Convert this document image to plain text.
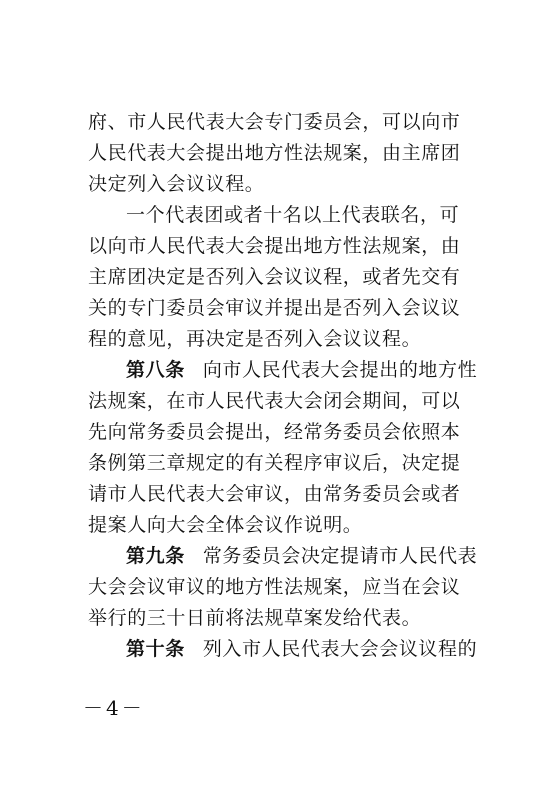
府、市人民代表大会专门委员会，可以向市人民代表大会提出地方性法规案，由主席团决定列入会议议程。

一个代表团或者十名以上代表联名，可以向市人民代表大会提出地方性法规案，由主席团决定是否列入会议议程，或者先交有关的专门委员会审议并提出是否列入会议议程的意见，再决定是否列入会议议程。

第八条 向市人民代表大会提出的地方性法规案，在市人民代表大会闭会期间，可以先向常务委员会提出，经常务委员会依照本条例第三章规定的有关程序审议后，决定提请市人民代表大会审议，由常务委员会或者提案人向大会全体会议作说明。

第九条 常务委员会决定提请市人民代表大会会议审议的地方性法规案，应当在会议举行的三十日前将法规草案发给代表。

第十条 列入市人民代表大会会议议程的

－4－
